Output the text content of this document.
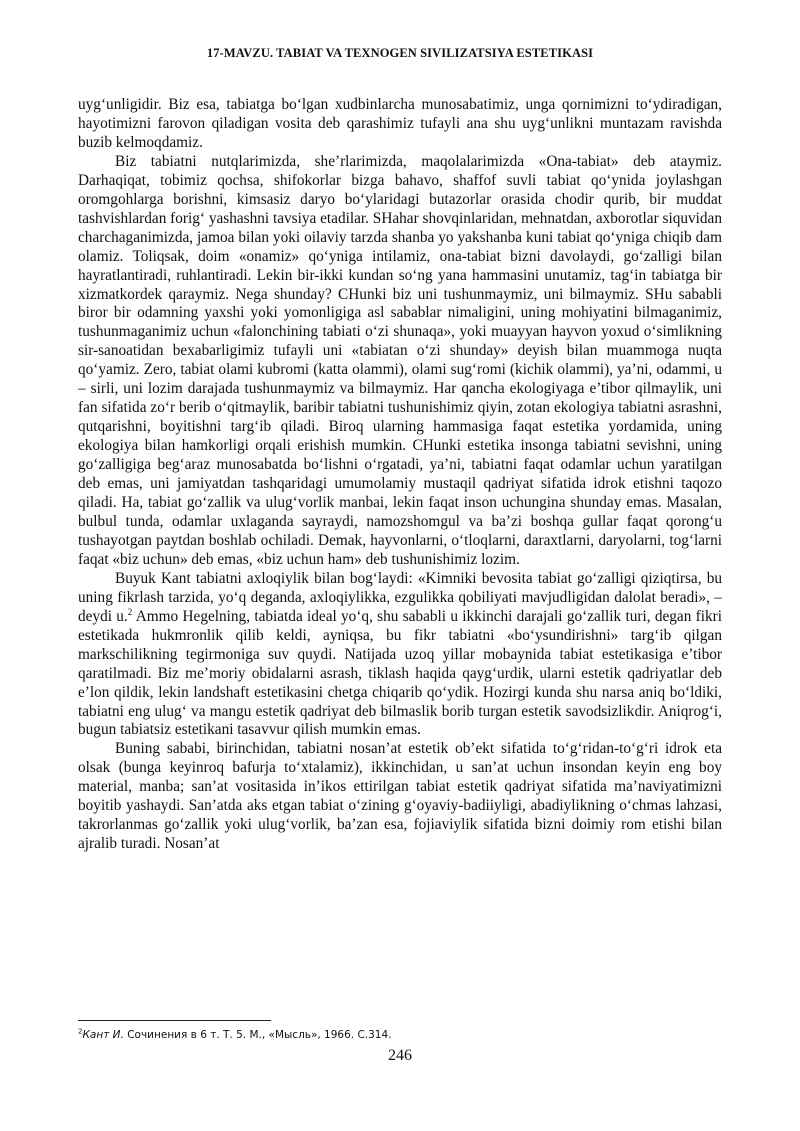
17-MAVZU. TABIAT VA TEXNOGEN SIVILIZATSIYA ESTETIKASI

uyg‘unligidir. Biz esa, tabiatga bo‘lgan xudbinlarcha munosabatimiz, unga qornimizni to‘ydiradigan, hayotimizni farovon qiladigan vosita deb qarashimiz tufayli ana shu uyg‘unlikni muntazam ravishda buzib kelmoqdamiz.

Biz tabiatni nutqlarimizda, she’rlarimizda, maqolalarimizda «Ona-tabiat» deb ataymiz. Darhaqiqat, tobimiz qochsa, shifokorlar bizga bahavo, shaffof suvli tabiat qo‘ynida joylashgan oromgohlarga borishni, kimsasiz daryo bo‘ylaridagi butazorlar orasida chodir qurib, bir muddat tashvishlardan forig‘ yashashni tavsiya etadilar. SHahar shovqinlaridan, mehnatdan, axborotlar siquvidan charchaganimizda, jamoa bilan yoki oilaviy tarzda shanba yo yakshanba kuni tabiat qo‘yniga chiqib dam olamiz. Toliqsak, doim «onamiz» qo‘yniga intilamiz, ona-tabiat bizni davolaydi, go‘zalligi bilan hayratlantiradi, ruhlantiradi. Lekin bir-ikki kundan so‘ng yana hammasini unutamiz, tag‘in tabiatga bir xizmatkordek qaraymiz. Nega shunday? CHunki biz uni tushunmaymiz, uni bilmaymiz. SHu sababli biror bir odamning yaxshi yoki yomonligiga asl sabablar nimaligini, uning mohiyatini bilmaganimiz, tushunmaganimiz uchun «falonchining tabiati o‘zi shunaqa», yoki muayyan hayvon yoxud o‘simlikning sir-sanoatidan bexabarligimiz tufayli uni «tabiatan o‘zi shunday» deyish bilan muammoga nuqta qo‘yamiz. Zero, tabiat olami kubromi (katta olammi), olami sug‘romi (kichik olammi), ya’ni, odammi, u – sirli, uni lozim darajada tushunmaymiz va bilmaymiz. Har qancha ekologiyaga e’tibor qilmaylik, uni fan sifatida zo‘r berib o‘qitmaylik, baribir tabiatni tushunishimiz qiyin, zotan ekologiya tabiatni asrashni, qutqarishni, boyitishni targ‘ib qiladi. Biroq ularning hammasiga faqat estetika yordamida, uning ekologiya bilan hamkorligi orqali erishish mumkin. CHunki estetika insonga tabiatni sevishni, uning go‘zalligiga beg‘araz munosabatda bo‘lishni o‘rgatadi, ya’ni, tabiatni faqat odamlar uchun yaratilgan deb emas, uni jamiyatdan tashqaridagi umumolamiy mustaqil qadriyat sifatida idrok etishni taqozo qiladi. Ha, tabiat go‘zallik va ulug‘vorlik manbai, lekin faqat inson uchungina shunday emas. Masalan, bulbul tunda, odamlar uxlaganda sayraydi, namozshomgul va ba’zi boshqa gullar faqat qorong‘u tushayotgan paytdan boshlab ochiladi. Demak, hayvonlarni, o‘tloqlarni, daraxtlarni, daryolarni, tog‘larni faqat «biz uchun» deb emas, «biz uchun ham» deb tushunishimiz lozim.

Buyuk Kant tabiatni axloqiylik bilan bog‘laydi: «Kimniki bevosita tabiat go‘zalligi qiziqtirsa, bu uning fikrlash tarzida, yo‘q deganda, axloqiylikka, ezgulikka qobiliyati mavjudligidan dalolat beradi», – deydi u.$^2$ Ammo Hegelning, tabiatda ideal yo‘q, shu sababli u ikkinchi darajali go‘zallik turi, degan fikri estetikada hukmronlik qilib keldi, ayniqsa, bu fikr tabiatni «bo‘ysundirishni» targ‘ib qilgan markschilikning tegirmoniga suv quydi. Natijada uzoq yillar mobaynida tabiat estetikasiga e’tibor qaratilmadi. Biz me’moriy obidalarni asrash, tiklash haqida qayg‘urdik, ularni estetik qadriyatlar deb e’lon qildik, lekin landshaft estetikasini chetga chiqarib qo‘ydik. Hozirgi kunda shu narsa aniq bo‘ldiki, tabiatni eng ulug‘ va mangu estetik qadriyat deb bilmaslik borib turgan estetik savodsizlikdir. Aniqrog‘i, bugun tabiatsiz estetikani tasavvur qilish mumkin emas.

Buning sababi, birinchidan, tabiatni nosan’at estetik ob’ekt sifatida to‘g‘ridan-to‘g‘ri idrok eta olsak (bunga keyinroq bafurja to‘xtalamiz), ikkinchidan, u san’at uchun insondan keyin eng boy material, manba; san’at vositasida in’ikos ettirilgan tabiat estetik qadriyat sifatida ma’naviyatimizni boyitib yashaydi. San’atda aks etgan tabiat o‘zining g‘oyaviy-badiiyligi, abadiylikning o‘chmas lahzasi, takrorlanmas go‘zallik yoki ulug‘vorlik, ba’zan esa, fojiaviylik sifatida bizni doimiy rom etishi bilan ajralib turadi. Nosan’at

$^2$Кант И. Сочинения в 6 т. Т. 5. М., «Мысль», 1966. С.314.
246
